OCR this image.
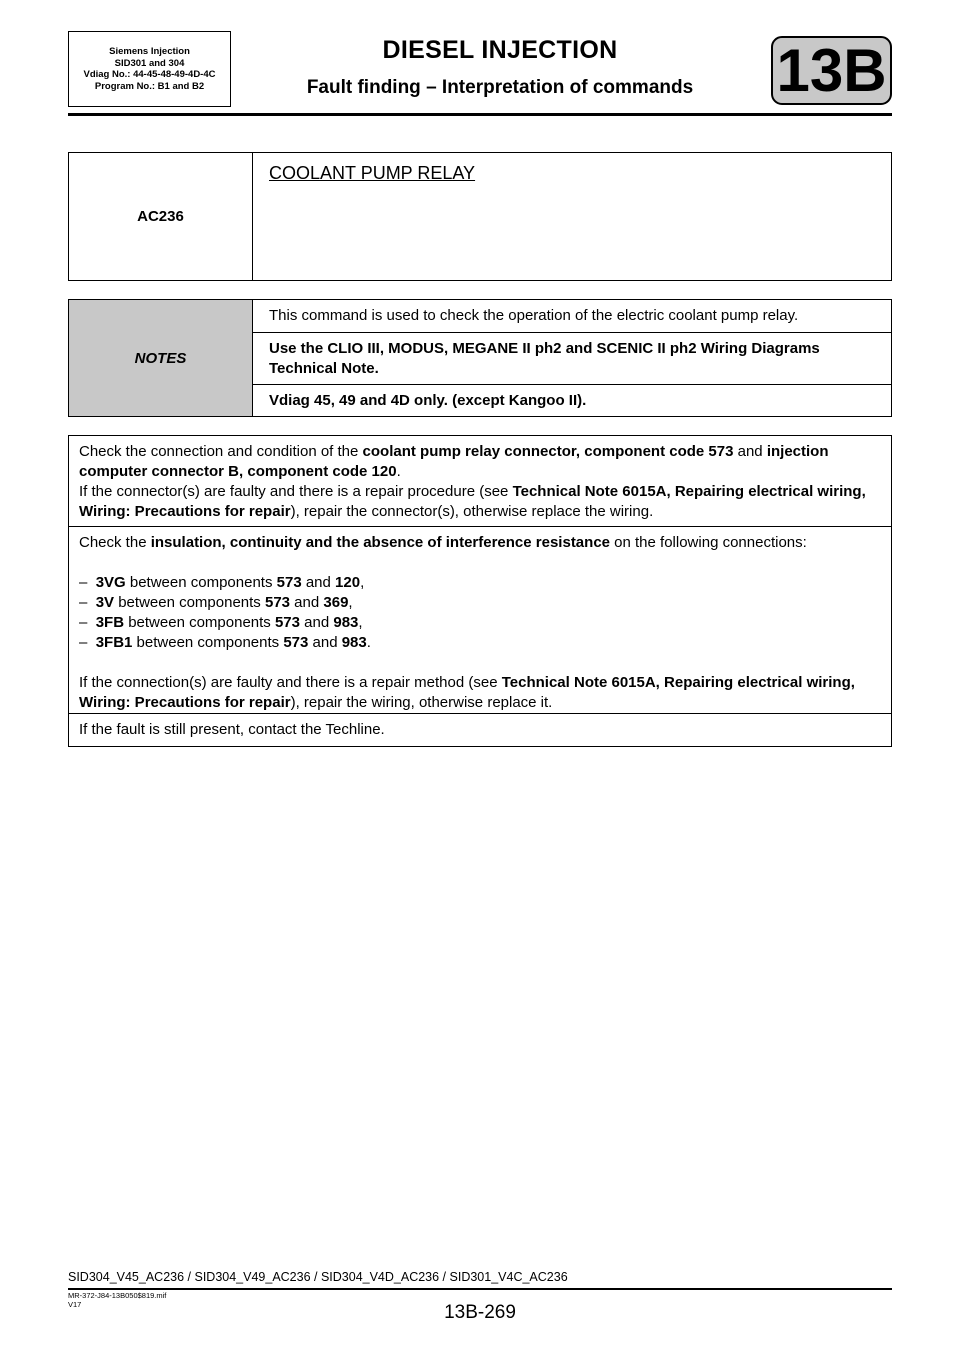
Siemens Injection
SID301 and 304
Vdiag No.: 44-45-48-49-4D-4C
Program No.: B1 and B2
DIESEL INJECTION
Fault finding – Interpretation of commands	13B
AC236
COOLANT PUMP RELAY
NOTES
This command is used to check the operation of the electric coolant pump relay.
Use the CLIO III, MODUS, MEGANE II ph2 and SCENIC II ph2 Wiring Diagrams Technical Note.
Vdiag 45, 49 and 4D only. (except Kangoo II).
Check the connection and condition of the coolant pump relay connector, component code 573 and injection computer connector B, component code 120.
If the connector(s) are faulty and there is a repair procedure (see Technical Note 6015A, Repairing electrical wiring, Wiring: Precautions for repair), repair the connector(s), otherwise replace the wiring.
Check the insulation, continuity and the absence of interference resistance on the following connections:
– 3VG between components 573 and 120,
– 3V between components 573 and 369,
– 3FB between components 573 and 983,
– 3FB1 between components 573 and 983.
If the connection(s) are faulty and there is a repair method (see Technical Note 6015A, Repairing electrical wiring, Wiring: Precautions for repair), repair the wiring, otherwise replace it.
If the fault is still present, contact the Techline.
SID304_V45_AC236 / SID304_V49_AC236 / SID304_V4D_AC236 / SID301_V4C_AC236
MR-372-J84-13B050$819.mif
V17	13B-269
